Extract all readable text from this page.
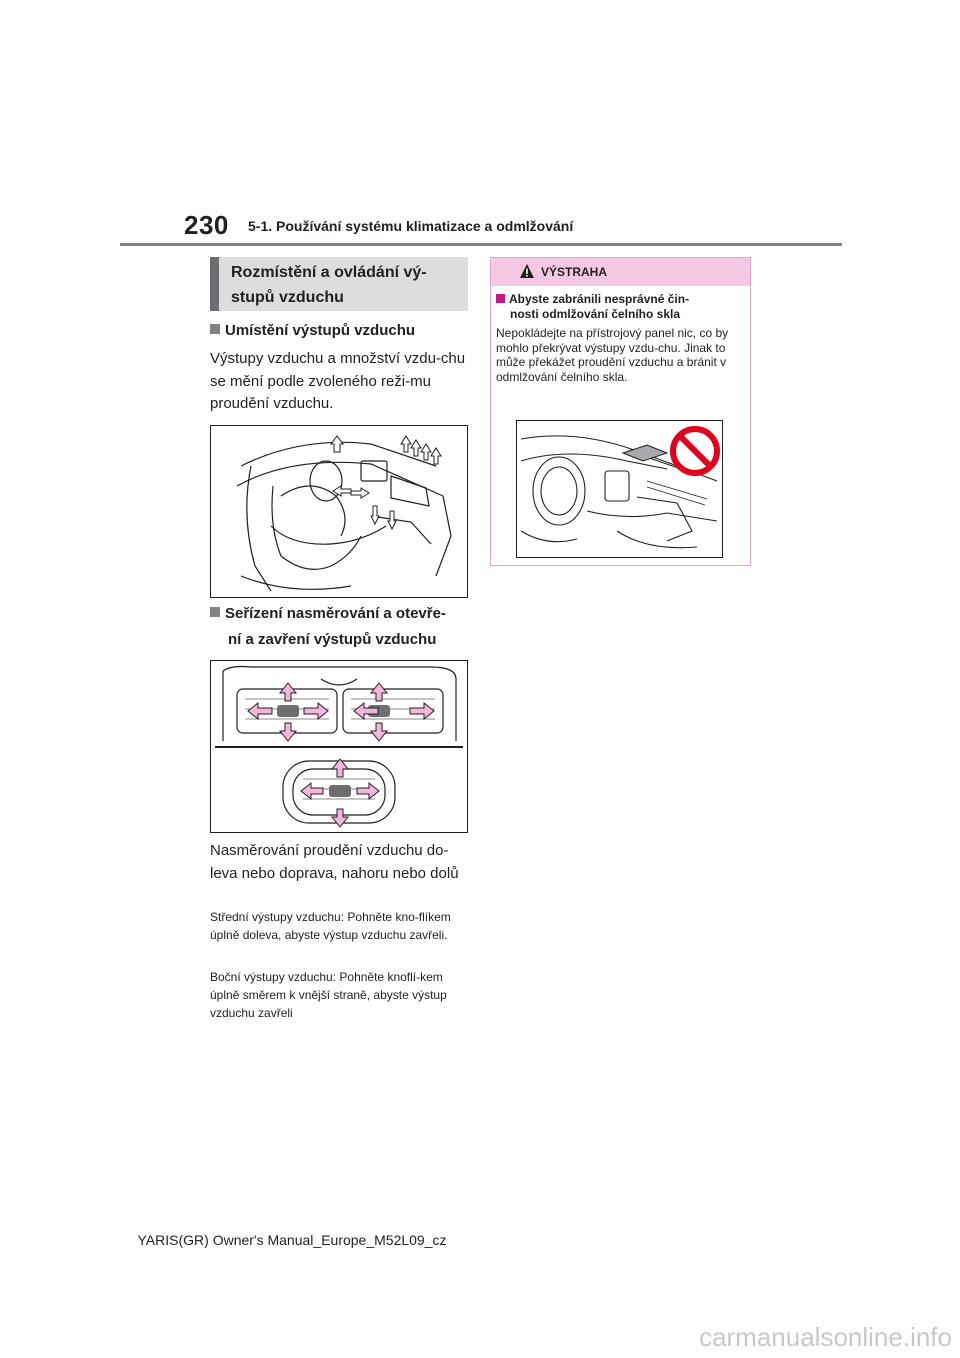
230 5-1. Používání systému klimatizace a odmlžování
Rozmístění a ovládání vý-
stupů vzduchu
Umístění výstupů vzduchu
Výstupy vzduchu a množství vzdu-chu se mění podle zvoleného reži-mu proudění vzduchu.
Seřízení nasměrování a otevře-
ní a zavření výstupů vzduchu
Nasměrování proudění vzduchu do-leva nebo doprava, nahoru nebo dolů
Střední výstupy vzduchu: Pohněte kno-flíkem úplně doleva, abyste výstup vzduchu zavřeli.
Boční výstupy vzduchu: Pohněte knoflí-kem úplně směrem k vnější straně, abyste výstup vzduchu zavřeli
VÝSTRAHA
Abyste zabránili nesprávné čin-
nosti odmlžování čelního skla
Nepokládejte na přístrojový panel nic, co by mohlo překrývat výstupy vzdu-chu. Jinak to může překážet proudění vzduchu a bránit v odmlžování čelního skla.
YARIS(GR) Owner's Manual_Europe_M52L09_cz
carmanualsonline.info
